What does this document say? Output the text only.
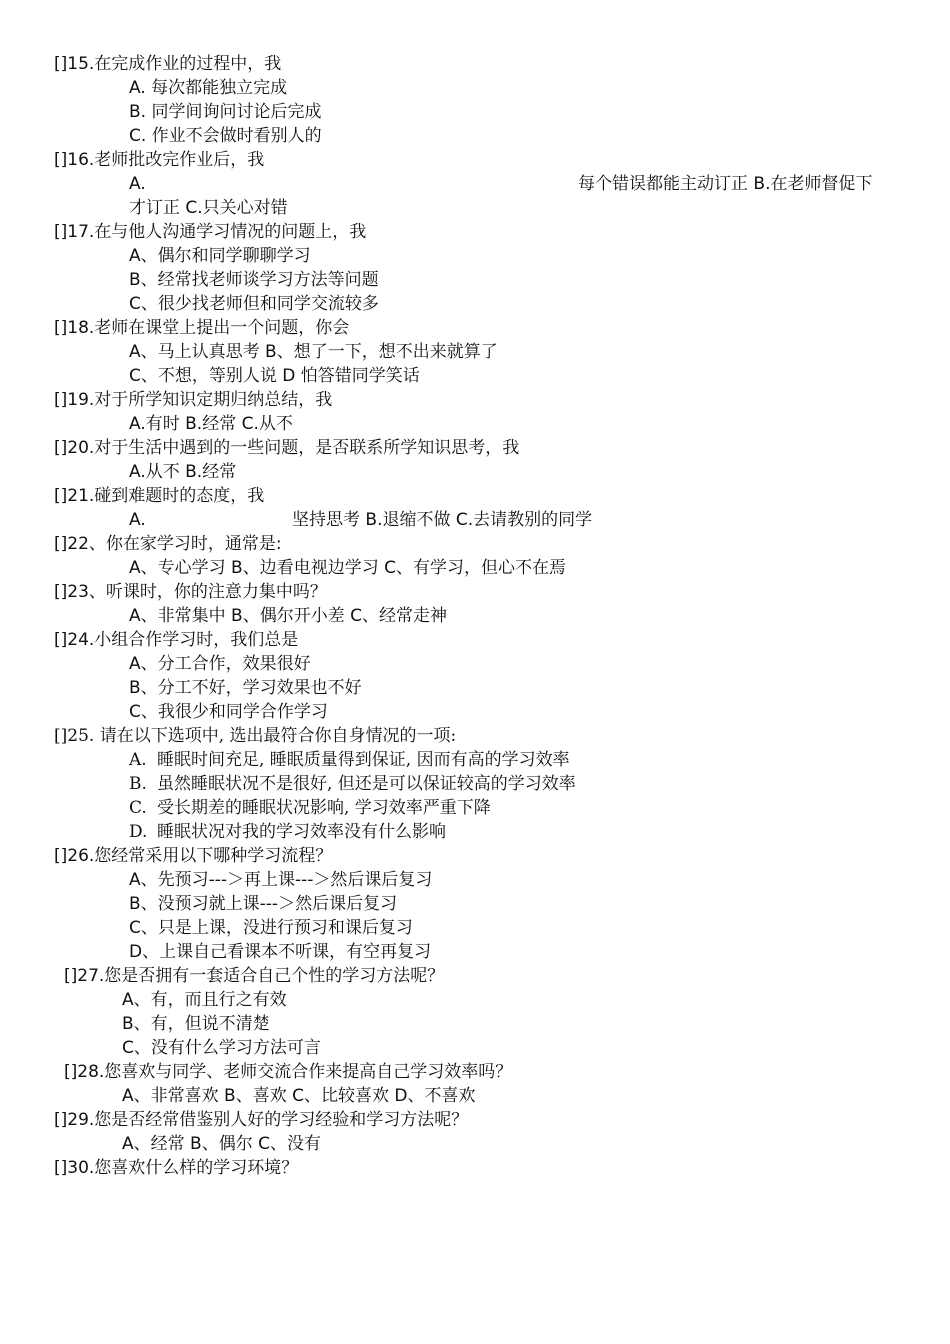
[]15.在完成作业的过程中，我
A. 每次都能独立完成
B. 同学间询问讨论后完成
C. 作业不会做时看别人的
[]16.老师批改完作业后，我
A.	每个错误都能主动订正 B.在老师督促下
才订正 C.只关心对错
[]17.在与他人沟通学习情况的问题上，我
A、偶尔和同学聊聊学习
B、经常找老师谈学习方法等问题
C、很少找老师但和同学交流较多
[]18.老师在课堂上提出一个问题，你会
A、马上认真思考 B、想了一下，想不出来就算了
C、不想，等别人说 D 怕答错同学笑话
[]19.对于所学知识定期归纳总结，我
A.有时 B.经常 C.从不
[]20.对于生活中遇到的一些问题，是否联系所学知识思考，我
A.从不 B.经常
[]21.碰到难题时的态度，我
A.	坚持思考 B.退缩不做 C.去请教别的同学
[]22、你在家学习时，通常是:
A、专心学习 B、边看电视边学习 C、有学习，但心不在焉
[]23、听课时，你的注意力集中吗？
A、非常集中 B、偶尔开小差 C、经常走神
[]24.小组合作学习时，我们总是
A、分工合作，效果很好
B、分工不好，学习效果也不好
C、我很少和同学合作学习
[]25. 请在以下选项中, 选出最符合你自身情况的一项:
A. 睡眠时间充足, 睡眠质量得到保证, 因而有高的学习效率
B. 虽然睡眠状况不是很好, 但还是可以保证较高的学习效率
C. 受长期差的睡眠状况影响, 学习效率严重下降
D. 睡眠状况对我的学习效率没有什么影响
[]26.您经常采用以下哪种学习流程？
A、先预习---＞再上课---＞然后课后复习
B、没预习就上课---＞然后课后复习
C、只是上课，没进行预习和课后复习
D、上课自己看课本不听课，有空再复习
[]27.您是否拥有一套适合自己个性的学习方法呢？
A、有，而且行之有效
B、有，但说不清楚
C、没有什么学习方法可言
[]28.您喜欢与同学、老师交流合作来提高自己学习效率吗？
A、非常喜欢 B、喜欢 C、比较喜欢 D、不喜欢
[]29.您是否经常借鉴别人好的学习经验和学习方法呢？
A、经常 B、偶尔 C、没有
[]30.您喜欢什么样的学习环境？
